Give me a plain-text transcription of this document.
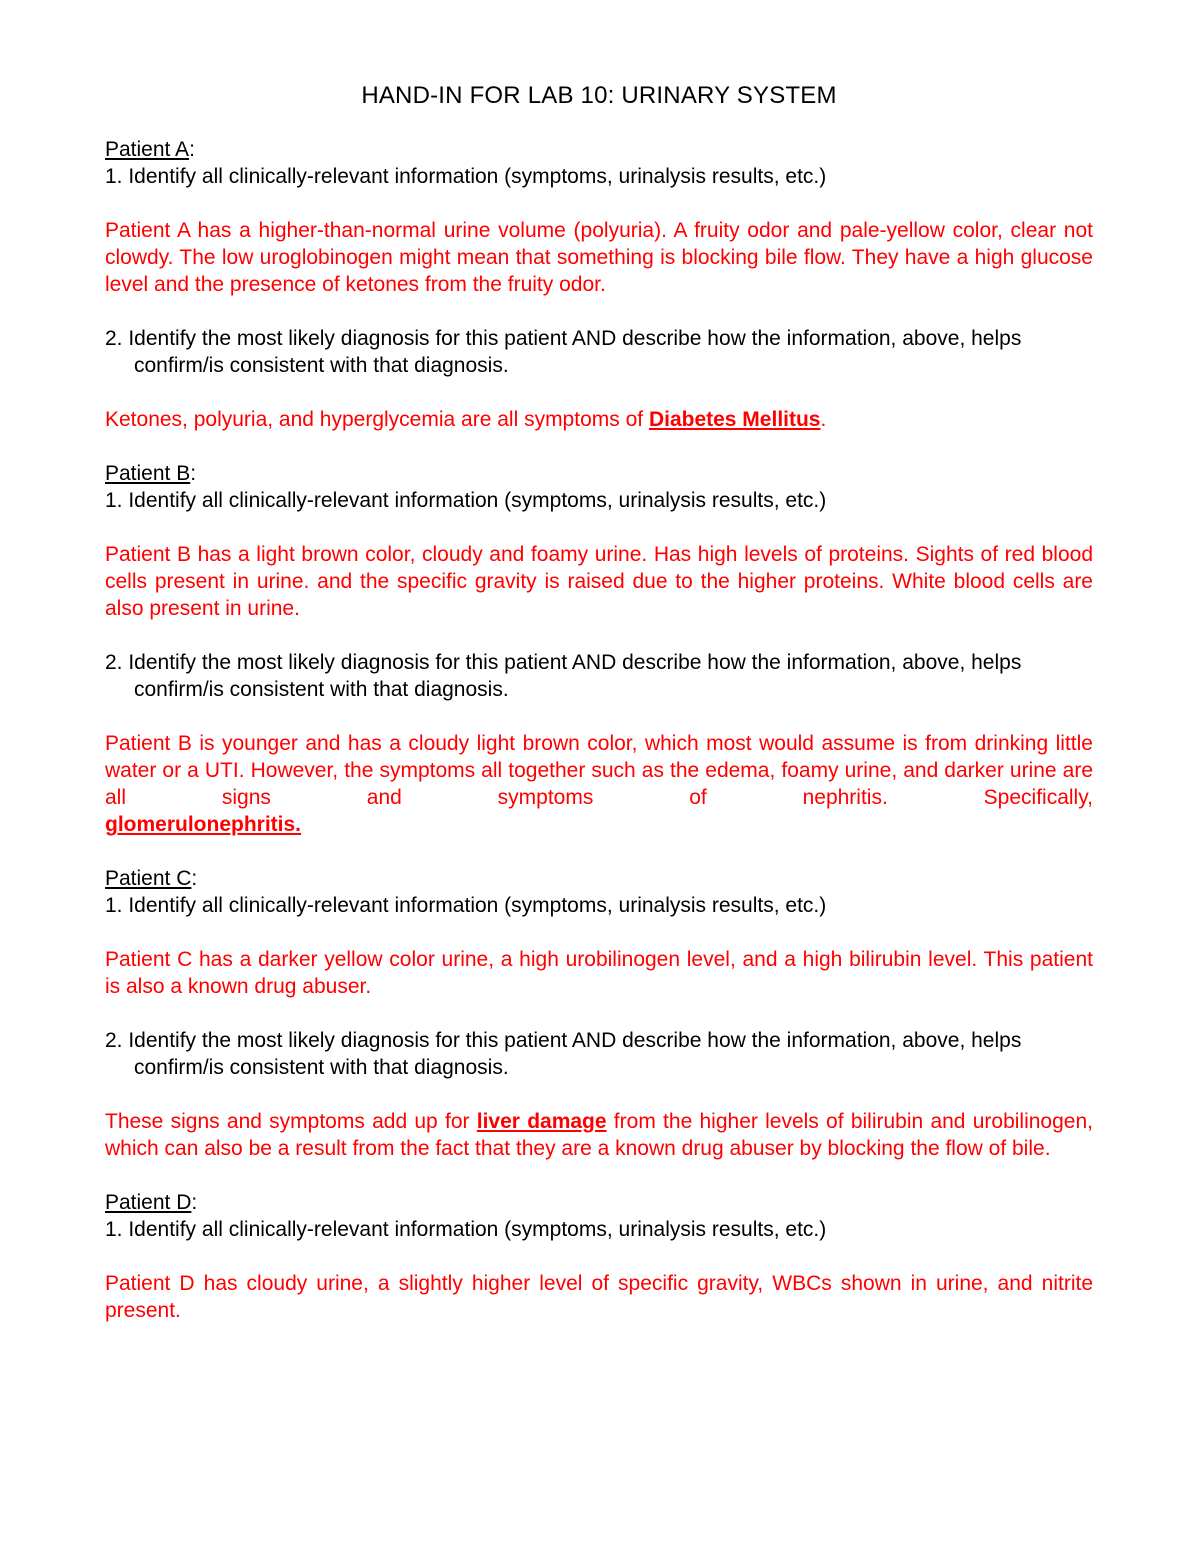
HAND-IN FOR LAB 10: URINARY SYSTEM

Patient A:

1. Identify all clinically-relevant information (symptoms, urinalysis results, etc.)

Patient A has a higher-than-normal urine volume (polyuria). A fruity odor and pale-yellow color, clear not clowdy. The low uroglobinogen might mean that something is blocking bile flow. They have a high glucose level and the presence of ketones from the fruity odor.

2. Identify the most likely diagnosis for this patient AND describe how the information, above, helps confirm/is consistent with that diagnosis.

Ketones, polyuria, and hyperglycemia are all symptoms of Diabetes Mellitus.

Patient B:

1. Identify all clinically-relevant information (symptoms, urinalysis results, etc.)

Patient B has a light brown color, cloudy and foamy urine. Has high levels of proteins. Sights of red blood cells present in urine. and the specific gravity is raised due to the higher proteins. White blood cells are also present in urine.

2. Identify the most likely diagnosis for this patient AND describe how the information, above, helps confirm/is consistent with that diagnosis.

Patient B is younger and has a cloudy light brown color, which most would assume is from drinking little water or a UTI. However, the symptoms all together such as the edema, foamy urine, and darker urine are all signs and symptoms of nephritis. Specifically,

glomerulonephritis.

Patient C:

1. Identify all clinically-relevant information (symptoms, urinalysis results, etc.)

Patient C has a darker yellow color urine, a high urobilinogen level, and a high bilirubin level. This patient is also a known drug abuser.

2. Identify the most likely diagnosis for this patient AND describe how the information, above, helps confirm/is consistent with that diagnosis.

These signs and symptoms add up for liver damage from the higher levels of bilirubin and urobilinogen, which can also be a result from the fact that they are a known drug abuser by blocking the flow of bile.

Patient D:

1. Identify all clinically-relevant information (symptoms, urinalysis results, etc.)

Patient D has cloudy urine, a slightly higher level of specific gravity, WBCs shown in urine, and nitrite present.
